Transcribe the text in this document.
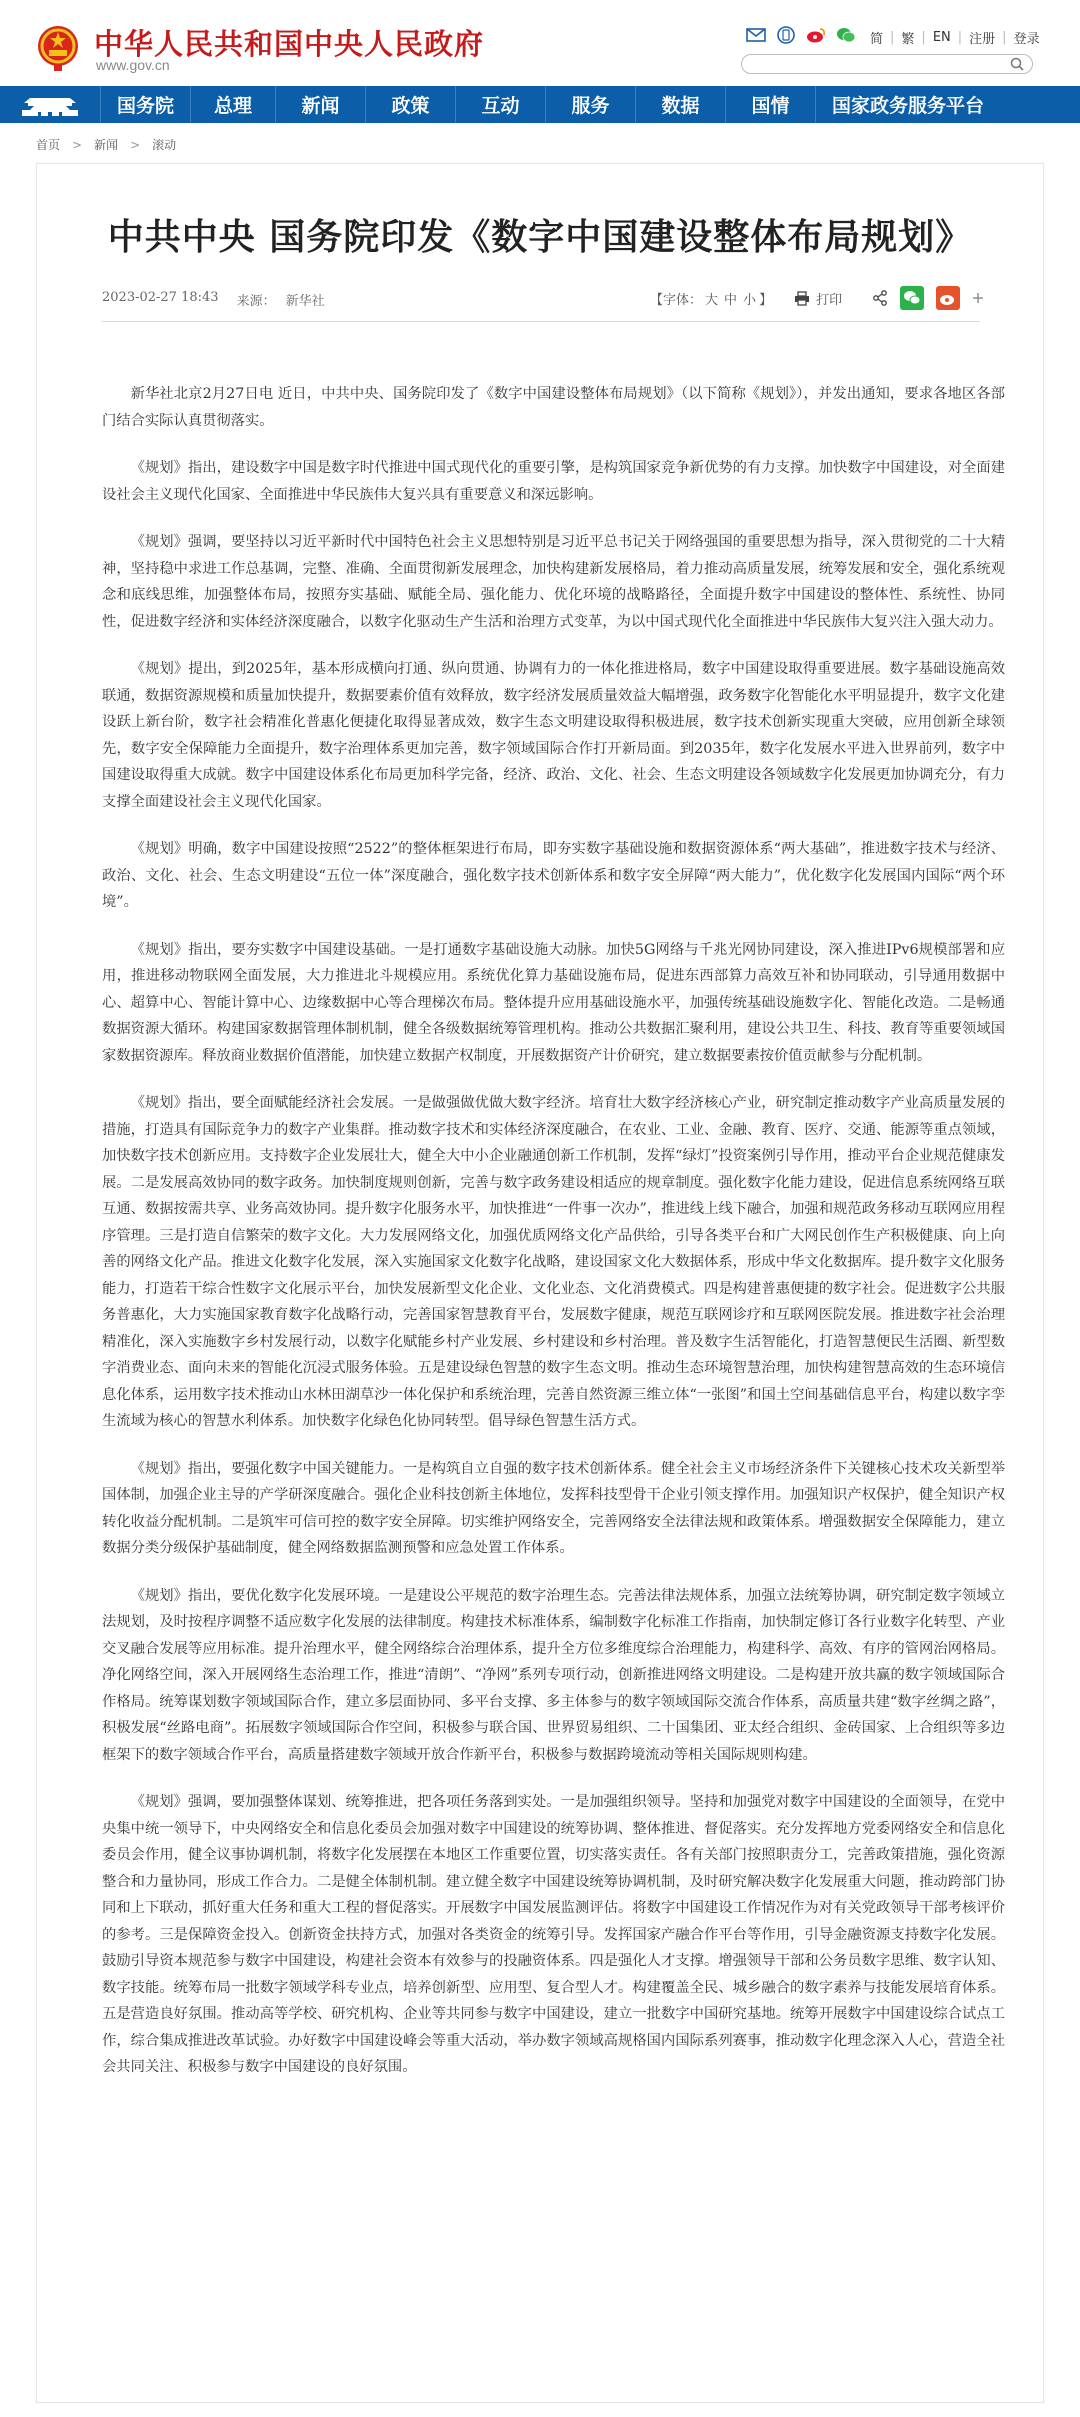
中华人民共和国中央人民政府
www.gov.cn
简 | 繁 | EN | 注册 | 登录
国务院	总理	新闻	政策	互动	服务	数据	国情	国家政务服务平台
首页 > 新闻 > 滚动
中共中央 国务院印发《数字中国建设整体布局规划》
2023-02-27 18:43 来源： 新华社	【字体： 大 中 小 】	打印

新华社北京2月27日电 近日，中共中央、国务院印发了《数字中国建设整体布局规划》（以下简称《规划》），并发出通知，要求各地区各部门结合实际认真贯彻落实。

《规划》指出，建设数字中国是数字时代推进中国式现代化的重要引擎，是构筑国家竞争新优势的有力支撑。加快数字中国建设，对全面建设社会主义现代化国家、全面推进中华民族伟大复兴具有重要意义和深远影响。

《规划》强调，要坚持以习近平新时代中国特色社会主义思想特别是习近平总书记关于网络强国的重要思想为指导，深入贯彻党的二十大精神，坚持稳中求进工作总基调，完整、准确、全面贯彻新发展理念，加快构建新发展格局，着力推动高质量发展，统筹发展和安全，强化系统观念和底线思维，加强整体布局，按照夯实基础、赋能全局、强化能力、优化环境的战略路径，全面提升数字中国建设的整体性、系统性、协同性，促进数字经济和实体经济深度融合，以数字化驱动生产生活和治理方式变革，为以中国式现代化全面推进中华民族伟大复兴注入强大动力。

《规划》提出，到2025年，基本形成横向打通、纵向贯通、协调有力的一体化推进格局，数字中国建设取得重要进展。数字基础设施高效联通，数据资源规模和质量加快提升，数据要素价值有效释放，数字经济发展质量效益大幅增强，政务数字化智能化水平明显提升，数字文化建设跃上新台阶，数字社会精准化普惠化便捷化取得显著成效，数字生态文明建设取得积极进展，数字技术创新实现重大突破，应用创新全球领先，数字安全保障能力全面提升，数字治理体系更加完善，数字领域国际合作打开新局面。到2035年，数字化发展水平进入世界前列，数字中国建设取得重大成就。数字中国建设体系化布局更加科学完备，经济、政治、文化、社会、生态文明建设各领域数字化发展更加协调充分，有力支撑全面建设社会主义现代化国家。

《规划》明确，数字中国建设按照“2522”的整体框架进行布局，即夯实数字基础设施和数据资源体系“两大基础”，推进数字技术与经济、政治、文化、社会、生态文明建设“五位一体”深度融合，强化数字技术创新体系和数字安全屏障“两大能力”，优化数字化发展国内国际“两个环境”。

《规划》指出，要夯实数字中国建设基础。一是打通数字基础设施大动脉。加快5G网络与千兆光网协同建设，深入推进IPv6规模部署和应用，推进移动物联网全面发展，大力推进北斗规模应用。系统优化算力基础设施布局，促进东西部算力高效互补和协同联动，引导通用数据中心、超算中心、智能计算中心、边缘数据中心等合理梯次布局。整体提升应用基础设施水平，加强传统基础设施数字化、智能化改造。二是畅通数据资源大循环。构建国家数据管理体制机制，健全各级数据统筹管理机构。推动公共数据汇聚利用，建设公共卫生、科技、教育等重要领域国家数据资源库。释放商业数据价值潜能，加快建立数据产权制度，开展数据资产计价研究，建立数据要素按价值贡献参与分配机制。

《规划》指出，要全面赋能经济社会发展。一是做强做优做大数字经济。培育壮大数字经济核心产业，研究制定推动数字产业高质量发展的措施，打造具有国际竞争力的数字产业集群。推动数字技术和实体经济深度融合，在农业、工业、金融、教育、医疗、交通、能源等重点领域，加快数字技术创新应用。支持数字企业发展壮大，健全大中小企业融通创新工作机制，发挥“绿灯”投资案例引导作用，推动平台企业规范健康发展。二是发展高效协同的数字政务。加快制度规则创新，完善与数字政务建设相适应的规章制度。强化数字化能力建设，促进信息系统网络互联互通、数据按需共享、业务高效协同。提升数字化服务水平，加快推进“一件事一次办”，推进线上线下融合，加强和规范政务移动互联网应用程序管理。三是打造自信繁荣的数字文化。大力发展网络文化，加强优质网络文化产品供给，引导各类平台和广大网民创作生产积极健康、向上向善的网络文化产品。推进文化数字化发展，深入实施国家文化数字化战略，建设国家文化大数据体系，形成中华文化数据库。提升数字文化服务能力，打造若干综合性数字文化展示平台，加快发展新型文化企业、文化业态、文化消费模式。四是构建普惠便捷的数字社会。促进数字公共服务普惠化，大力实施国家教育数字化战略行动，完善国家智慧教育平台，发展数字健康，规范互联网诊疗和互联网医院发展。推进数字社会治理精准化，深入实施数字乡村发展行动，以数字化赋能乡村产业发展、乡村建设和乡村治理。普及数字生活智能化，打造智慧便民生活圈、新型数字消费业态、面向未来的智能化沉浸式服务体验。五是建设绿色智慧的数字生态文明。推动生态环境智慧治理，加快构建智慧高效的生态环境信息化体系，运用数字技术推动山水林田湖草沙一体化保护和系统治理，完善自然资源三维立体“一张图”和国土空间基础信息平台，构建以数字孪生流域为核心的智慧水利体系。加快数字化绿色化协同转型。倡导绿色智慧生活方式。

《规划》指出，要强化数字中国关键能力。一是构筑自立自强的数字技术创新体系。健全社会主义市场经济条件下关键核心技术攻关新型举国体制，加强企业主导的产学研深度融合。强化企业科技创新主体地位，发挥科技型骨干企业引领支撑作用。加强知识产权保护，健全知识产权转化收益分配机制。二是筑牢可信可控的数字安全屏障。切实维护网络安全，完善网络安全法律法规和政策体系。增强数据安全保障能力，建立数据分类分级保护基础制度，健全网络数据监测预警和应急处置工作体系。

《规划》指出，要优化数字化发展环境。一是建设公平规范的数字治理生态。完善法律法规体系，加强立法统筹协调，研究制定数字领域立法规划，及时按程序调整不适应数字化发展的法律制度。构建技术标准体系，编制数字化标准工作指南，加快制定修订各行业数字化转型、产业交叉融合发展等应用标准。提升治理水平，健全网络综合治理体系，提升全方位多维度综合治理能力，构建科学、高效、有序的管网治网格局。净化网络空间，深入开展网络生态治理工作，推进“清朗”、“净网”系列专项行动，创新推进网络文明建设。二是构建开放共赢的数字领域国际合作格局。统筹谋划数字领域国际合作，建立多层面协同、多平台支撑、多主体参与的数字领域国际交流合作体系，高质量共建“数字丝绸之路”，积极发展“丝路电商”。拓展数字领域国际合作空间，积极参与联合国、世界贸易组织、二十国集团、亚太经合组织、金砖国家、上合组织等多边框架下的数字领域合作平台，高质量搭建数字领域开放合作新平台，积极参与数据跨境流动等相关国际规则构建。

《规划》强调，要加强整体谋划、统筹推进，把各项任务落到实处。一是加强组织领导。坚持和加强党对数字中国建设的全面领导，在党中央集中统一领导下，中央网络安全和信息化委员会加强对数字中国建设的统筹协调、整体推进、督促落实。充分发挥地方党委网络安全和信息化委员会作用，健全议事协调机制，将数字化发展摆在本地区工作重要位置，切实落实责任。各有关部门按照职责分工，完善政策措施，强化资源整合和力量协同，形成工作合力。二是健全体制机制。建立健全数字中国建设统筹协调机制，及时研究解决数字化发展重大问题，推动跨部门协同和上下联动，抓好重大任务和重大工程的督促落实。开展数字中国发展监测评估。将数字中国建设工作情况作为对有关党政领导干部考核评价的参考。三是保障资金投入。创新资金扶持方式，加强对各类资金的统筹引导。发挥国家产融合作平台等作用，引导金融资源支持数字化发展。鼓励引导资本规范参与数字中国建设，构建社会资本有效参与的投融资体系。四是强化人才支撑。增强领导干部和公务员数字思维、数字认知、数字技能。统筹布局一批数字领域学科专业点，培养创新型、应用型、复合型人才。构建覆盖全民、城乡融合的数字素养与技能发展培育体系。五是营造良好氛围。推动高等学校、研究机构、企业等共同参与数字中国建设，建立一批数字中国研究基地。统筹开展数字中国建设综合试点工作，综合集成推进改革试验。办好数字中国建设峰会等重大活动，举办数字领域高规格国内国际系列赛事，推动数字化理念深入人心，营造全社会共同关注、积极参与数字中国建设的良好氛围。
